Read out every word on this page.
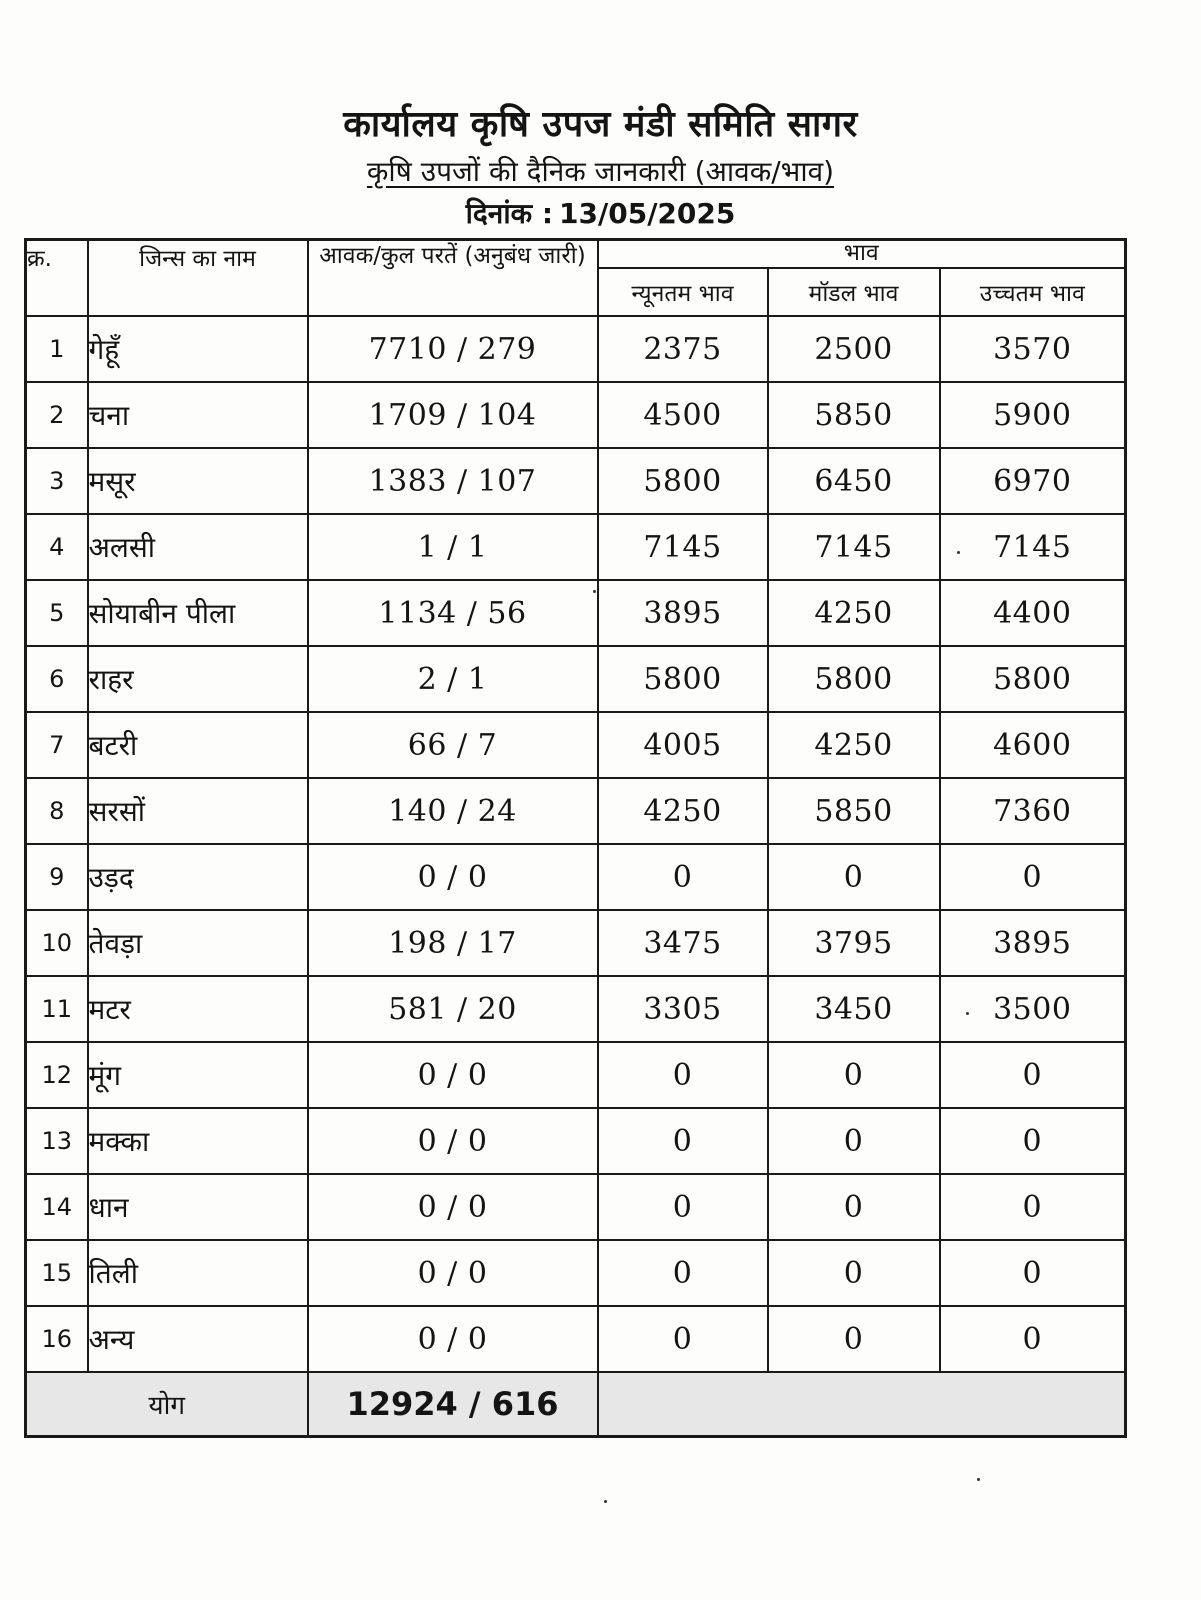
कार्यालय कृषि उपज मंडी समिति सागर
कृषि उपजों की दैनिक जानकारी (आवक/भाव)
दिनांक : 13/05/2025
क्र.	जिन्स का नाम	आवक/कुल परतें (अनुबंध जारी)	भाव		
			न्यूनतम भाव	मॉडल भाव	उच्चतम भाव
1	गेहूँ	7710 / 279	2375	2500	3570
2	चना	1709 / 104	4500	5850	5900
3	मसूर	1383 / 107	5800	6450	6970
4	अलसी	1 / 1	7145	7145	7145
5	सोयाबीन पीला	1134 / 56	3895	4250	4400
6	राहर	2 / 1	5800	5800	5800
7	बटरी	66 / 7	4005	4250	4600
8	सरसों	140 / 24	4250	5850	7360
9	उड़द	0 / 0	0	0	0
10	तेवड़ा	198 / 17	3475	3795	3895
11	मटर	581 / 20	3305	3450	3500
12	मूंग	0 / 0	0	0	0
13	मक्का	0 / 0	0	0	0
14	धान	0 / 0	0	0	0
15	तिली	0 / 0	0	0	0
16	अन्य	0 / 0	0	0	0
योग		12924 / 616			
